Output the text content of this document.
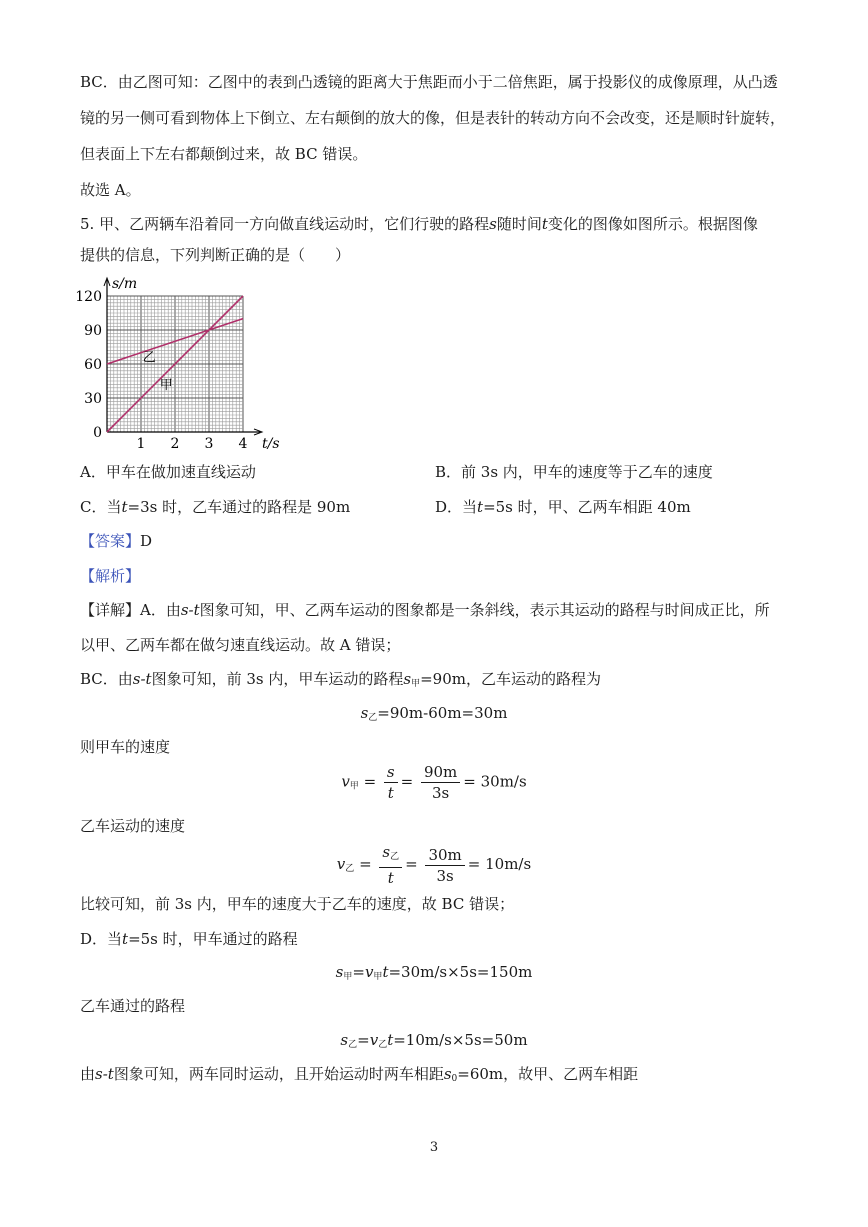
BC．由乙图可知：乙图中的表到凸透镜的距离大于焦距而小于二倍焦距，属于投影仪的成像原理，从凸透
镜的另一侧可看到物体上下倒立、左右颠倒的放大的像，但是表针的转动方向不会改变，还是顺时针旋转，
但表面上下左右都颠倒过来，故 BC 错误。
故选 A。
5. 甲、乙两辆车沿着同一方向做直线运动时，它们行驶的路程s随时间t变化的图像如图所示。根据图像
提供的信息，下列判断正确的是（　　）
s/m
t/s
0
30
60
90
120
1 2 3 4
甲
乙
A．甲车在做加速直线运动	B．前 3s 内，甲车的速度等于乙车的速度
C．当t=3s 时，乙车通过的路程是 90m	D．当t=5s 时，甲、乙两车相距 40m
【答案】D
【解析】
【详解】A．由s-t图象可知，甲、乙两车运动的图象都是一条斜线，表示其运动的路程与时间成正比，所
以甲、乙两车都在做匀速直线运动。故 A 错误；
BC．由s-t图象可知，前 3s 内，甲车运动的路程$s_甲=90m$，乙车运动的路程为
$s_乙=90m-60m=30m$
则甲车的速度
$v_甲 = \frac{s}{t} = \frac{90m}{3s} = 30m/s$
乙车运动的速度
$v_乙 = \frac{s_乙}{t} = \frac{30m}{3s} = 10m/s$
比较可知，前 3s 内，甲车的速度大于乙车的速度，故 BC 错误；
D．当t=5s 时，甲车通过的路程
$s_甲=v_甲t=30m/s\times 5s=150m$
乙车通过的路程
$s_乙=v_乙t=10m/s\times 5s=50m$
由s-t图象可知，两车同时运动，且开始运动时两车相距$s_0=60m$，故甲、乙两车相距
3
